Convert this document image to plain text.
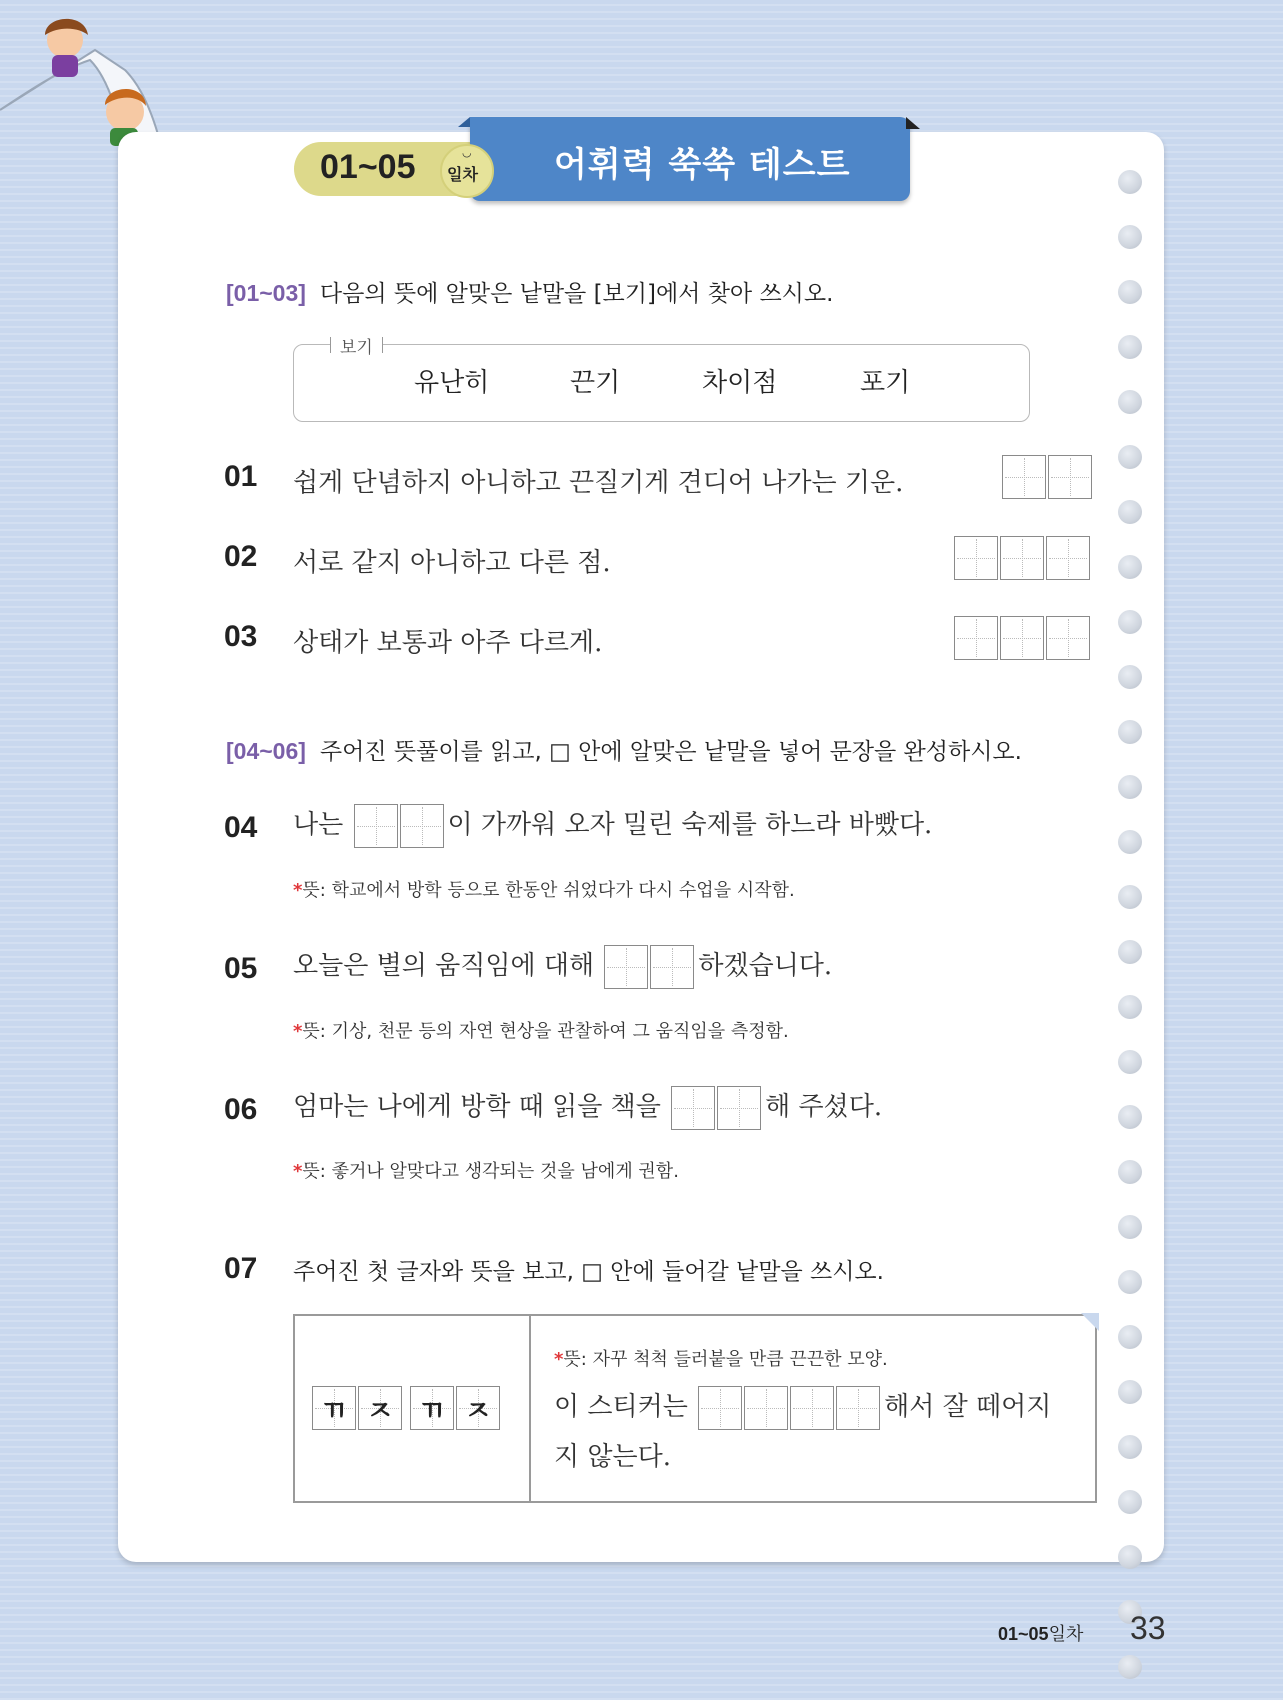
01~05	어휘력 쑥쑥 테스트
◡
일차
[01~03] 다음의 뜻에 알맞은 낱말을 [보기]에서 찾아 쓰시오.
보기
유난히	끈기	차이점	포기
01 쉽게 단념하지 아니하고 끈질기게 견디어 나가는 기운.
02 서로 같지 아니하고 다른 점.
03 상태가 보통과 아주 다르게.
[04~06] 주어진 뜻풀이를 읽고, □ 안에 알맞은 낱말을 넣어 문장을 완성하시오.
04 나는	이 가까워 오자 밀린 숙제를 하느라 바빴다.
*뜻: 학교에서 방학 등으로 한동안 쉬었다가 다시 수업을 시작함.
05 오늘은 별의 움직임에 대해	하겠습니다.
*뜻: 기상, 천문 등의 자연 현상을 관찰하여 그 움직임을 측정함.
06 엄마는 나에게 방학 때 읽을 책을	해 주셨다.
*뜻: 좋거나 알맞다고 생각되는 것을 남에게 권함.
07 주어진 첫 글자와 뜻을 보고, □ 안에 들어갈 낱말을 쓰시오.
ㄲ ㅈ ㄲ ㅈ
*뜻: 자꾸 척척 들러붙을 만큼 끈끈한 모양.
이 스티커는	해서 잘 떼어지
지 않는다.
01~05일차 33
